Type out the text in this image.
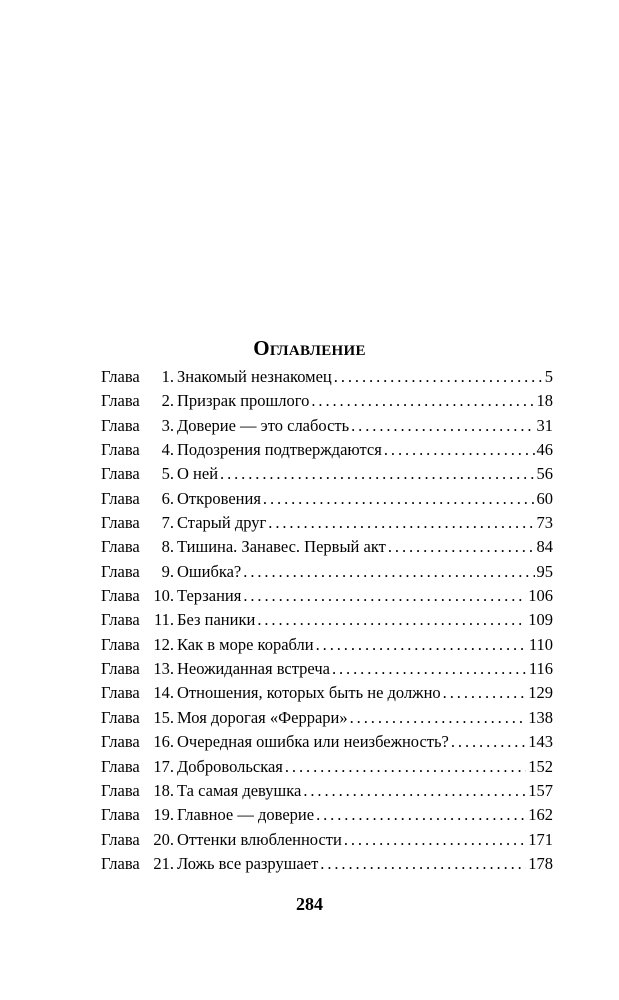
Оглавление
Глава 1. Знакомый незнакомец . . .	5
Глава 2. Призрак прошлого . . .	18
Глава 3. Доверие — это слабость . . .	31
Глава 4. Подозрения подтверждаются . . .	46
Глава 5. О ней . . .	56
Глава 6. Откровения . . .	60
Глава 7. Старый друг . . .	73
Глава 8. Тишина. Занавес. Первый акт . . .	84
Глава 9. Ошибка? . . .	95
Глава 10. Терзания . . .	106
Глава 11. Без паники . . .	109
Глава 12. Как в море корабли . . .	110
Глава 13. Неожиданная встреча . . .	116
Глава 14. Отношения, которых быть не должно . . .	129
Глава 15. Моя дорогая «Феррари» . . .	138
Глава 16. Очередная ошибка или неизбежность? . . .	143
Глава 17. Добровольская . . .	152
Глава 18. Та самая девушка . . .	157
Глава 19. Главное — доверие . . .	162
Глава 20. Оттенки влюбленности . . .	171
Глава 21. Ложь все разрушает . . .	178
284
